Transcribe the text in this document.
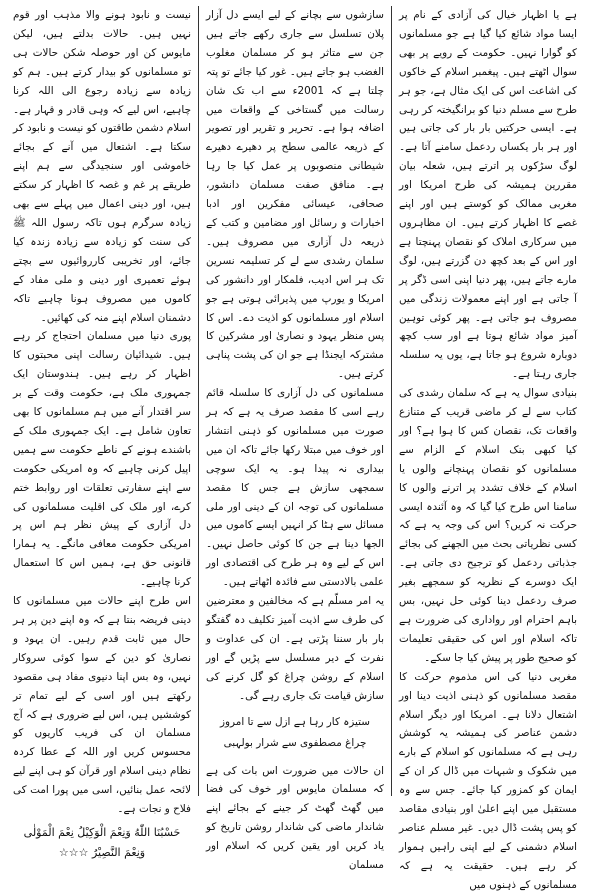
ہے یا اظہار خیال کی آزادی کے نام پر ایسا مواد شائع کیا گیا ہے جو مسلمانوں کو گوارا نہیں۔ حکومت کے رویے پر بھی سوال اٹھتے ہیں۔ پیغمبر اسلام کے خاکوں کی اشاعت اس کی ایک مثال ہے، جو ہر طرح سے مسلم دنیا کو برانگیختہ کر رہی ہے۔ ایسی حرکتیں بار بار کی جاتی ہیں اور ہر بار یکساں ردعمل سامنے آتا ہے۔ لوگ سڑکوں پر اترتے ہیں، شعلہ بیان مقررین ہمیشہ کی طرح امریکا اور مغربی ممالک کو کوستے ہیں اور اپنے غصے کا اظہار کرتے ہیں۔ ان مظاہروں میں سرکاری املاک کو نقصان پہنچتا ہے اور اس کے بعد کچھ دن گزرتے ہیں، لوگ مارے جاتے ہیں، پھر دنیا اپنی اسی ڈگر پر آ جاتی ہے اور اپنے معمولات زندگی میں مصروف ہو جاتی ہے۔ پھر کوئی توہین آمیز مواد شائع ہوتا ہے اور سب کچھ دوبارہ شروع ہو جاتا ہے، یوں یہ سلسلہ جاری رہتا ہے۔

بنیادی سوال یہ ہے کہ سلمان رشدی کی کتاب سے لے کر ماضی قریب کے متنازع واقعات تک، نقصان کس کا ہوا ہے؟ اور کیا کبھی بنک اسلام کے الزام سے مسلمانوں کو نقصان پہنچانے والوں یا اسلام کے خلاف تشدد پر اترنے والوں کا سامنا اس طرح کیا گیا کہ وہ آئندہ ایسی حرکت نہ کریں؟ اس کی وجہ یہ ہے کہ کسی نظریاتی بحث میں الجھنے کی بجائے جذباتی ردعمل کو ترجیح دی جاتی ہے۔ ایک دوسرے کے نظریہ کو سمجھے بغیر صرف ردعمل دینا کوئی حل نہیں، بس باہم احترام اور رواداری کی ضرورت ہے تاکہ اسلام اور اس کی حقیقی تعلیمات کو صحیح طور پر پیش کیا جا سکے۔

مغربی دنیا کی اس مذموم حرکت کا مقصد مسلمانوں کو ذہنی اذیت دینا اور اشتعال دلانا ہے۔ امریکا اور دیگر اسلام دشمن عناصر کی ہمیشہ یہ کوشش رہی ہے کہ مسلمانوں کو اسلام کے بارے میں شکوک و شبہات میں ڈال کر ان کے ایمان کو کمزور کیا جائے۔ جس سے وہ مستقبل میں اپنے اعلیٰ اور بنیادی مقاصد کو پس پشت ڈال دیں۔ غیر مسلم عناصر اسلام دشمنی کے لیے اپنی راہیں ہموار کر رہے ہیں۔ حقیقت یہ ہے کہ مسلمانوں کے ذہنوں میں

سازشوں سے بچانے کے لیے ایسے دل آزار پلان تسلسل سے جاری رکھے جاتے ہیں جن سے متاثر ہو کر مسلمان مغلوب الغضب ہو جاتے ہیں۔ غور کیا جائے تو پتہ چلتا ہے کہ 2001ء سے اب تک شان رسالت میں گستاخی کے واقعات میں اضافہ ہوا ہے۔ تحریر و تقریر اور تصویر کے ذریعہ عالمی سطح پر دھیرے دھیرے شیطانی منصوبوں پر عمل کیا جا رہا ہے۔ منافق صفت مسلمان دانشور، صحافی، عیسائی مفکرین اور ادبا اخبارات و رسائل اور مضامین و کتب کے ذریعہ دل آزاری میں مصروف ہیں۔ سلمان رشدی سے لے کر تسلیمہ نسرین تک ہر اس ادیب، فلمکار اور دانشور کی امریکا و یورپ میں پذیرائی ہوتی ہے جو اسلام اور مسلمانوں کو اذیت دے۔ اس کا پس منظر یہود و نصاریٰ اور مشرکین کا مشترکہ ایجنڈا ہے جو ان کی پشت پناہی کرتے ہیں۔

مسلمانوں کی دل آزاری کا سلسلہ قائم رہے اسی کا مقصد صرف یہ ہے کہ ہر صورت میں مسلمانوں کو ذہنی انتشار اور خوف میں مبتلا رکھا جائے تاکہ ان میں بیداری نہ پیدا ہو۔ یہ ایک سوچی سمجھی سازش ہے جس کا مقصد مسلمانوں کی توجہ ان کے دینی اور ملی مسائل سے ہٹا کر انہیں ایسے کاموں میں الجھا دینا ہے جن کا کوئی حاصل نہیں۔ اس کے لیے وہ ہر طرح کی اقتصادی اور علمی بالادستی سے فائدہ اٹھاتے ہیں۔

یہ امر مسلّم ہے کہ مخالفین و معترضین کی طرف سے اذیت آمیز تکلیف دہ گفتگو بار بار سننا پڑتی ہے۔ ان کی عداوت و نفرت کے دیر مسلسل سے پڑیں گے اور اسلام کے روشن چراغ کو گل کرنے کی سازش قیامت تک جاری رہے گی۔

ستیزہ کار رہا ہے ازل سے تا امروز
چراغ مصطفوی سے شرار بولہبی

ان حالات میں ضرورت اس بات کی ہے کہ مسلمان مایوس اور خوف کی فضا میں گھٹ گھٹ کر جینے کے بجائے اپنے شاندار ماضی کی شاندار روشن تاریخ کو یاد کریں اور یقین کریں کہ اسلام اور مسلمان

نیست و نابود ہونے والا مذہب اور قوم نہیں ہیں۔ حالات بدلتے ہیں، لیکن مایوس کن اور حوصلہ شکن حالات ہی تو مسلمانوں کو بیدار کرتے ہیں۔ ہم کو زیادہ سے زیادہ رجوع الی اللہ کرنا چاہیے، اس لیے کہ وہی قادر و قہار ہے۔ اسلام دشمن طاقتوں کو نیست و نابود کر سکتا ہے۔ اشتعال میں آنے کے بجائے خاموشی اور سنجیدگی سے ہم اپنے طریقے پر غم و غصہ کا اظہار کر سکتے ہیں، اور دینی اعمال میں پہلے سے بھی زیادہ سرگرم ہوں تاکہ رسول اللہ ﷺ کی سنت کو زیادہ سے زیادہ زندہ کیا جائے، اور تخریبی کارروائیوں سے بچتے ہوئے تعمیری اور دینی و ملی مفاد کے کاموں میں مصروف ہونا چاہیے تاکہ دشمنان اسلام اپنے منہ کی کھائیں۔

پوری دنیا میں مسلمان احتجاج کر رہے ہیں۔ شیدائیان رسالت اپنی محبتوں کا اظہار کر رہے ہیں۔ ہندوستان ایک جمہوری ملک ہے، حکومت وقت کے بر سر اقتدار آنے میں ہم مسلمانوں کا بھی تعاون شامل ہے۔ ایک جمہوری ملک کے باشندے ہونے کے ناطے حکومت سے ہمیں اپیل کرنی چاہیے کہ وہ امریکی حکومت سے اپنے سفارتی تعلقات اور روابط ختم کرے، اور ملک کی اقلیت مسلمانوں کی دل آزاری کے پیش نظر ہم اس پر امریکی حکومت معافی مانگے۔ یہ ہمارا قانونی حق ہے، ہمیں اس کا استعمال کرنا چاہیے۔

اس طرح اپنے حالات میں مسلمانوں کا دینی فریضہ بنتا ہے کہ وہ اپنے دین پر ہر حال میں ثابت قدم رہیں۔ ان یہود و نصاریٰ کو دین کے سوا کوئی سروکار نہیں، وہ بس اپنا دنیوی مفاد ہی مقصود رکھتے ہیں اور اسی کے لیے تمام تر کوششیں ہیں، اس لیے ضروری ہے کہ آج مسلمان ان کی فریب کاریوں کو محسوس کریں اور اللہ کے عطا کردہ نظام دینی اسلام اور قرآن کو ہی اپنے لیے لائحہ عمل بنائیں، اسی میں پورا امت کی فلاح و نجات ہے۔

حَسْبُنَا اللّٰهُ وَنِعْمَ الْوَکِیْلُ نِعْمَ الْمَوْلٰی
وَنِعْمَ النَّصِیْرُ ☆☆☆
